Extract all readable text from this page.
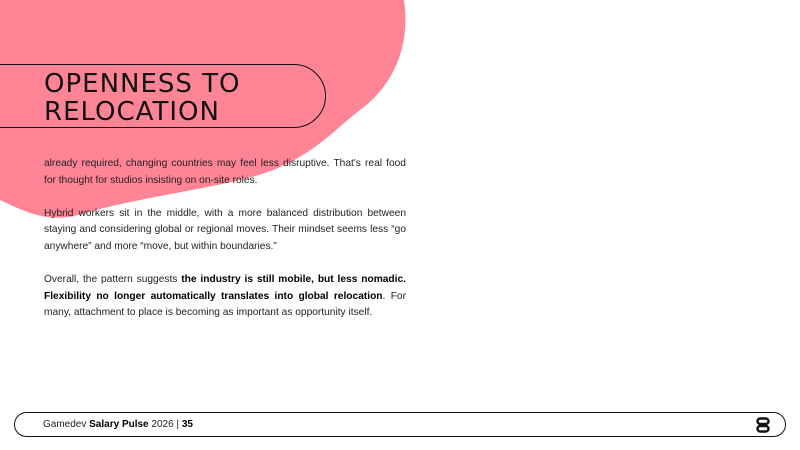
OPENNESS TO
RELOCATION

already required, changing countries may feel less disruptive. That's real food for thought for studios insisting on on-site roles.

Hybrid workers sit in the middle, with a more balanced distribution between staying and considering global or regional moves. Their mindset seems less “go anywhere” and more “move, but within boundaries.”

Overall, the pattern suggests the industry is still mobile, but less nomadic. Flexibility no longer automatically translates into global relocation. For many, attachment to place is becoming as important as opportunity itself.

Gamedev Salary Pulse 2026 | 35
